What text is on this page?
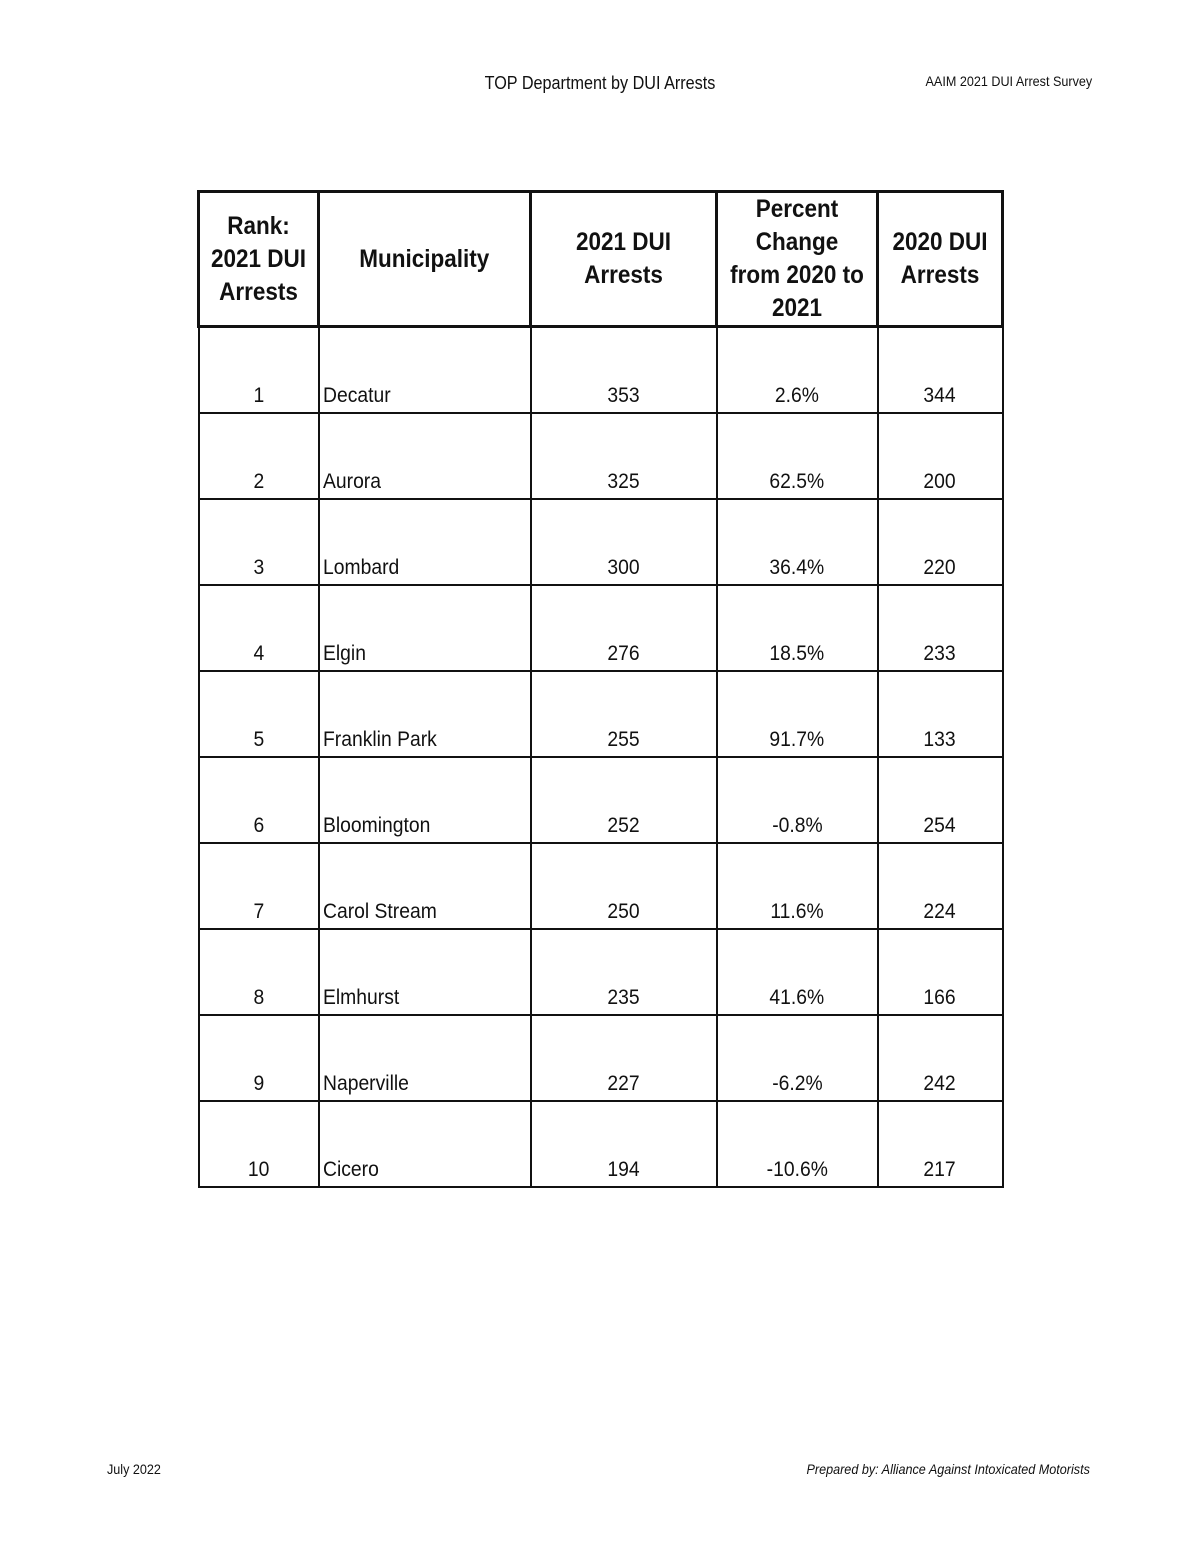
TOP Department by DUI Arrests	AAIM 2021 DUI Arrest Survey
Rank: 2021 DUI Arrests	Municipality	2021 DUI Arrests	Percent Change from 2020 to 2021	2020 DUI Arrests
1	Decatur	353	2.6%	344
2	Aurora	325	62.5%	200
3	Lombard	300	36.4%	220
4	Elgin	276	18.5%	233
5	Franklin Park	255	91.7%	133
6	Bloomington	252	-0.8%	254
7	Carol Stream	250	11.6%	224
8	Elmhurst	235	41.6%	166
9	Naperville	227	-6.2%	242
10	Cicero	194	-10.6%	217
July 2022	Prepared by: Alliance Against Intoxicated Motorists
